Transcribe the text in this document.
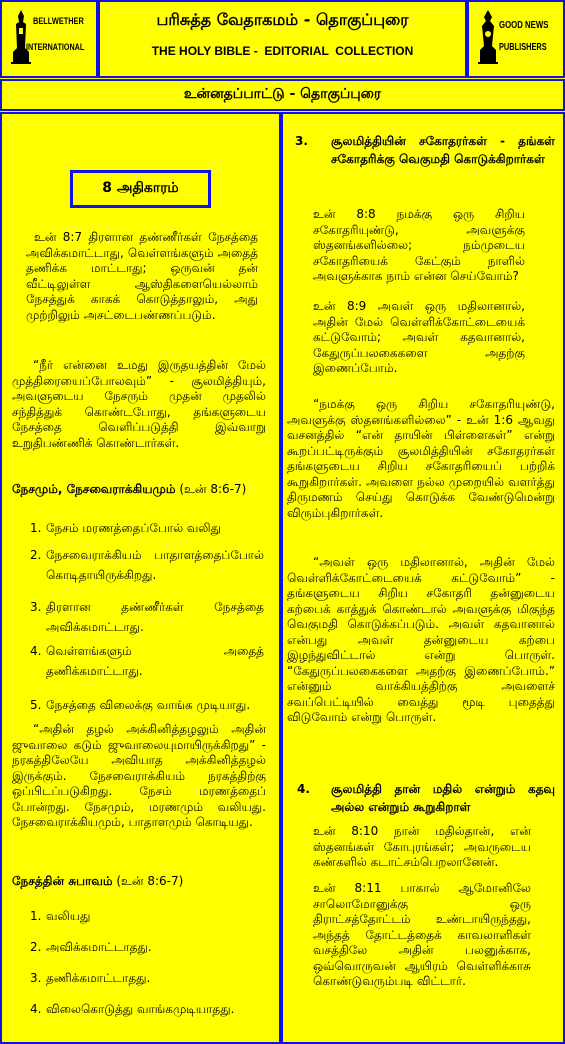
BELLWETHER
INTERNATIONAL
பரிசுத்த வேதாகமம் - தொகுப்புரை
THE HOLY BIBLE -  EDITORIAL  COLLECTION
GOOD NEWS
PUBLISHERS
உன்னதப்பாட்டு - தொகுப்புரை
8 அதிகாரம்

உன் 8:7 திரளான தண்ணீர்கள் நேசத்தை அவிக்கமாட்டாது, வெள்ளங்களும் அதைத் தணிக்க மாட்டாது; ஒருவன் தன் வீட்டிலுள்ள ஆஸ்திகளையெல்லாம் நேசத்துக் காகக் கொடுத்தாலும், அது முற்றிலும் அசட்டைபண்ணப்படும்.

“நீர் என்னை உமது இருதயத்தின் மேல் முத்திரையைப்போலவும்” - சூலமித்தியும், அவளுடைய நேசரும் முதன் முதலில் சந்தித்துக் கொண்டபோது, தங்களுடைய நேசத்தை வெளிப்படுத்தி இவ்வாறு உறுதிபண்ணிக் கொண்டார்கள்.

நேசமும், நேசவைராக்கியமும் (உன் 8:6-7)
1. நேசம் மரணத்தைப்போல் வலிது
2. நேசவைராக்கியம் பாதாளத்தைப்போல் கொடிதாயிருக்கிறது.
3. திரளான தண்ணீர்கள் நேசத்தை அவிக்கமாட்டாது.
4. வெள்ளங்களும் அதைத் தணிக்கமாட்டாது.
5. நேசத்தை விலைக்கு வாங்க முடியாது.

“அதின் தழல் அக்கினித்தழலும் அதின் ஜுவாலை கடும் ஜுவாலையுமாயிருக்கிறது” - நரகத்திலேயே அவியாத அக்கினித்தழல் இருக்கும். நேசவைராக்கியம் நரகத்திற்கு ஒப்பிடப்படுகிறது. நேசம் மரணத்தைப் போன்றது. நேசமும், மரணமும் வலியது. நேசவைராக்கியமும், பாதாளமும் கொடியது.

நேசத்தின் சுபாவம் (உன் 8:6-7)
1. வலியது
2. அவிக்கமாட்டாதது.
3. தணிக்கமாட்டாதது.
4. விலைகொடுத்து வாங்கமுடியாதது.
3. சூலமித்தியின் சகோதரர்கள் - தங்கள் சகோதரிக்கு வெகுமதி கொடுக்கிறார்கள்

உன் 8:8 நமக்கு ஒரு சிறிய சகோதரியுண்டு, அவளுக்கு ஸ்தனங்களில்லை; நம்முடைய சகோதரியைக் கேட்கும் நாளில் அவளுக்காக நாம் என்ன செய்வோம்?

உன் 8:9 அவள் ஒரு மதிலானால், அதின் மேல் வெள்ளிக்கோட்டையைக் கட்டுவோம்; அவள் கதவானால், கேதுருப்பலகைகளை அதற்கு இணைப்போம்.

“நமக்கு ஒரு சிறிய சகோதரியுண்டு, அவளுக்கு ஸ்தனங்களில்லை” - உன் 1:6 ஆவது வசனத்தில் “என் தாயின் பிள்ளைகள்” என்று கூறப்பட்டிருக்கும் சூலமித்தியின் சகோதரர்கள் தங்களுடைய சிறிய சகோதரியைப் பற்றிக் கூறுகிறார்கள். அவளை நல்ல முறையில் வளர்த்து திருமணம் செய்து கொடுக்க வேண்டுமென்று விரும்புகிறார்கள்.

“அவள் ஒரு மதிலானால், அதின் மேல் வெள்ளிக்கோட்டையைக் கட்டுவோம்” - தங்களுடைய சிறிய சகோதரி தன்னுடைய கற்பைக் காத்துக் கொண்டால் அவளுக்கு மிகுந்த வெகுமதி கொடுக்கப்படும். அவள் கதவானால் என்பது அவள் தன்னுடைய கற்பை இழந்துவிட்டால் என்று பொருள். “கேதுருப்பலகைகளை அதற்கு இணைப்போம்.” என்னும் வாக்கியத்திற்கு அவளைச் சவப்பெட்டியில் வைத்து மூடி புதைத்து விடுவோம் என்று பொருள்.

4. சூலமித்தி தான் மதில் என்றும் கதவு அல்ல என்றும் கூறுகிறாள்

உன் 8:10 நான் மதில்தான், என் ஸ்தனங்கள் கோபுரங்கள்; அவருடைய கண்களில் கடாட்சம்பெறலானேன்.

உன் 8:11 பாகால் ஆமோனிலே சாலொமோனுக்கு ஒரு திராட்சத்தோட்டம் உண்டாயிருந்தது, அந்தத் தோட்டத்தைக் காவலாளிகள் வசத்திலே அதின் பலனுக்காக, ஒவ்வொருவன் ஆயிரம் வெள்ளிக்காசு கொண்டுவரும்படி விட்டார்.
